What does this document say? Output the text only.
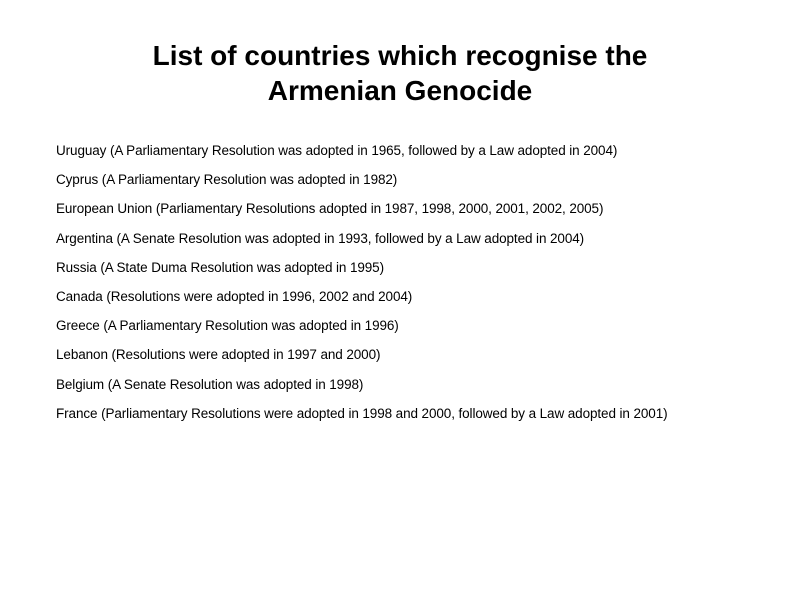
List of countries which recognise the
Armenian Genocide
Uruguay (A Parliamentary Resolution was adopted in 1965, followed by a Law adopted in 2004)
Cyprus (A Parliamentary Resolution was adopted in 1982)
European Union (Parliamentary Resolutions adopted in 1987, 1998, 2000, 2001, 2002, 2005)
Argentina (A Senate Resolution was adopted in 1993, followed by a Law adopted in 2004)
Russia (A State Duma Resolution was adopted in 1995)
Canada (Resolutions were adopted in 1996, 2002 and 2004)
Greece (A Parliamentary Resolution was adopted in 1996)
Lebanon (Resolutions were adopted in 1997 and 2000)
Belgium (A Senate Resolution was adopted in 1998)
France (Parliamentary Resolutions were adopted in 1998 and 2000, followed by a Law adopted in 2001)
